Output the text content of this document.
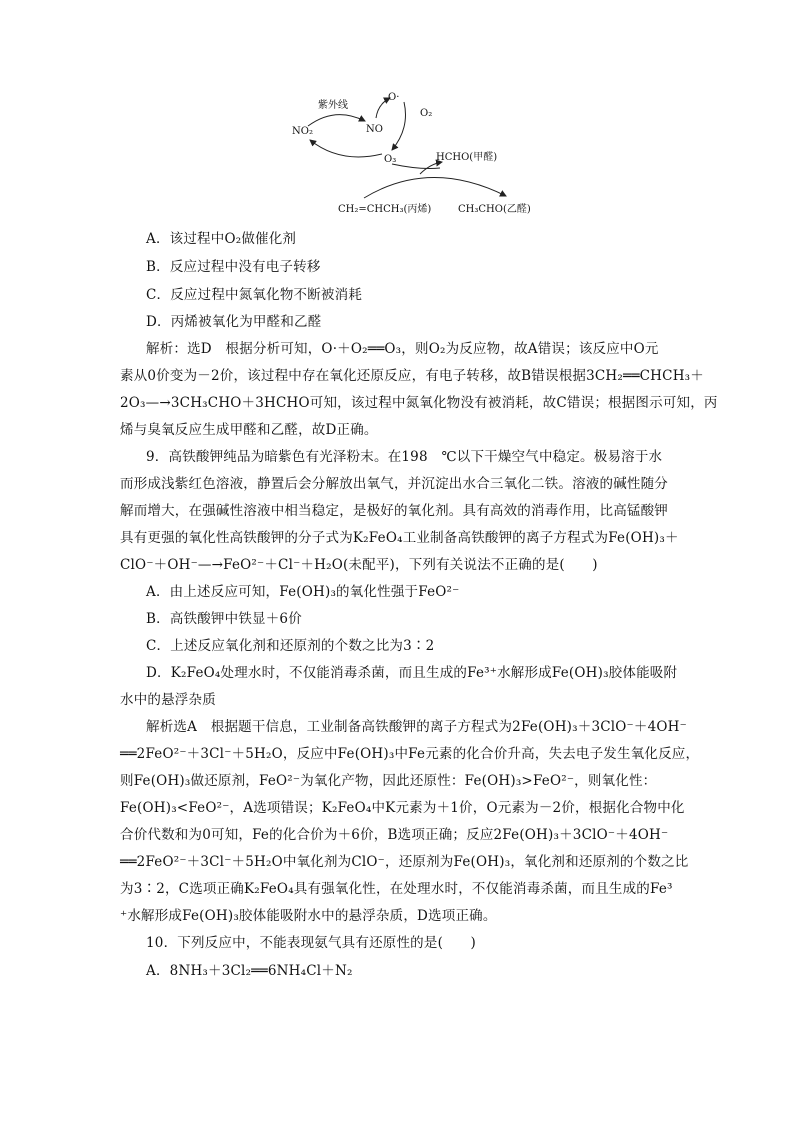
紫外线
O·
O₂
NO₂	NO
O₃	HCHO(甲醛)
CH₂=CHCH₃(丙烯)	CH₃CHO(乙醛)
A．该过程中O₂做催化剂
B．反应过程中没有电子转移
C．反应过程中氮氧化物不断被消耗
D．丙烯被氧化为甲醛和乙醛
解析：选D　根据分析可知，O·＋O₂══O₃，则O₂为反应物，故A错误；该反应中O元
素从0价变为－2价，该过程中存在氧化还原反应，有电子转移，故B错误根据3CH₂══CHCH₃＋
2O₃—→3CH₃CHO＋3HCHO可知，该过程中氮氧化物没有被消耗，故C错误；根据图示可知，丙
烯与臭氧反应生成甲醛和乙醛，故D正确。
9．高铁酸钾纯品为暗紫色有光泽粉末。在198　℃以下干燥空气中稳定。极易溶于水
而形成浅紫红色溶液，静置后会分解放出氧气，并沉淀出水合三氧化二铁。溶液的碱性随分
解而增大，在强碱性溶液中相当稳定，是极好的氧化剂。具有高效的消毒作用，比高锰酸钾
具有更强的氧化性高铁酸钾的分子式为K₂FeO₄工业制备高铁酸钾的离子方程式为Fe(OH)₃＋
ClO⁻＋OH⁻—→FeO²⁻＋Cl⁻＋H₂O(未配平)，下列有关说法不正确的是(　　)
A．由上述反应可知，Fe(OH)₃的氧化性强于FeO²⁻
B．高铁酸钾中铁显＋6价
C．上述反应氧化剂和还原剂的个数之比为3∶2
D．K₂FeO₄处理水时，不仅能消毒杀菌，而且生成的Fe³⁺水解形成Fe(OH)₃胶体能吸附
水中的悬浮杂质
解析选A　根据题干信息，工业制备高铁酸钾的离子方程式为2Fe(OH)₃＋3ClO⁻＋4OH⁻
══2FeO²⁻＋3Cl⁻＋5H₂O，反应中Fe(OH)₃中Fe元素的化合价升高，失去电子发生氧化反应，
则Fe(OH)₃做还原剂，FeO²⁻为氧化产物，因此还原性：Fe(OH)₃>FeO²⁻，则氧化性：
Fe(OH)₃<FeO²⁻，A选项错误；K₂FeO₄中K元素为＋1价，O元素为－2价，根据化合物中化
合价代数和为0可知，Fe的化合价为＋6价，B选项正确；反应2Fe(OH)₃＋3ClO⁻＋4OH⁻
══2FeO²⁻＋3Cl⁻＋5H₂O中氧化剂为ClO⁻，还原剂为Fe(OH)₃，氧化剂和还原剂的个数之比
为3∶2，C选项正确K₂FeO₄具有强氧化性，在处理水时，不仅能消毒杀菌，而且生成的Fe³
⁺水解形成Fe(OH)₃胶体能吸附水中的悬浮杂质，D选项正确。
10．下列反应中，不能表现氨气具有还原性的是(　　)
A．8NH₃＋3Cl₂══6NH₄Cl＋N₂
